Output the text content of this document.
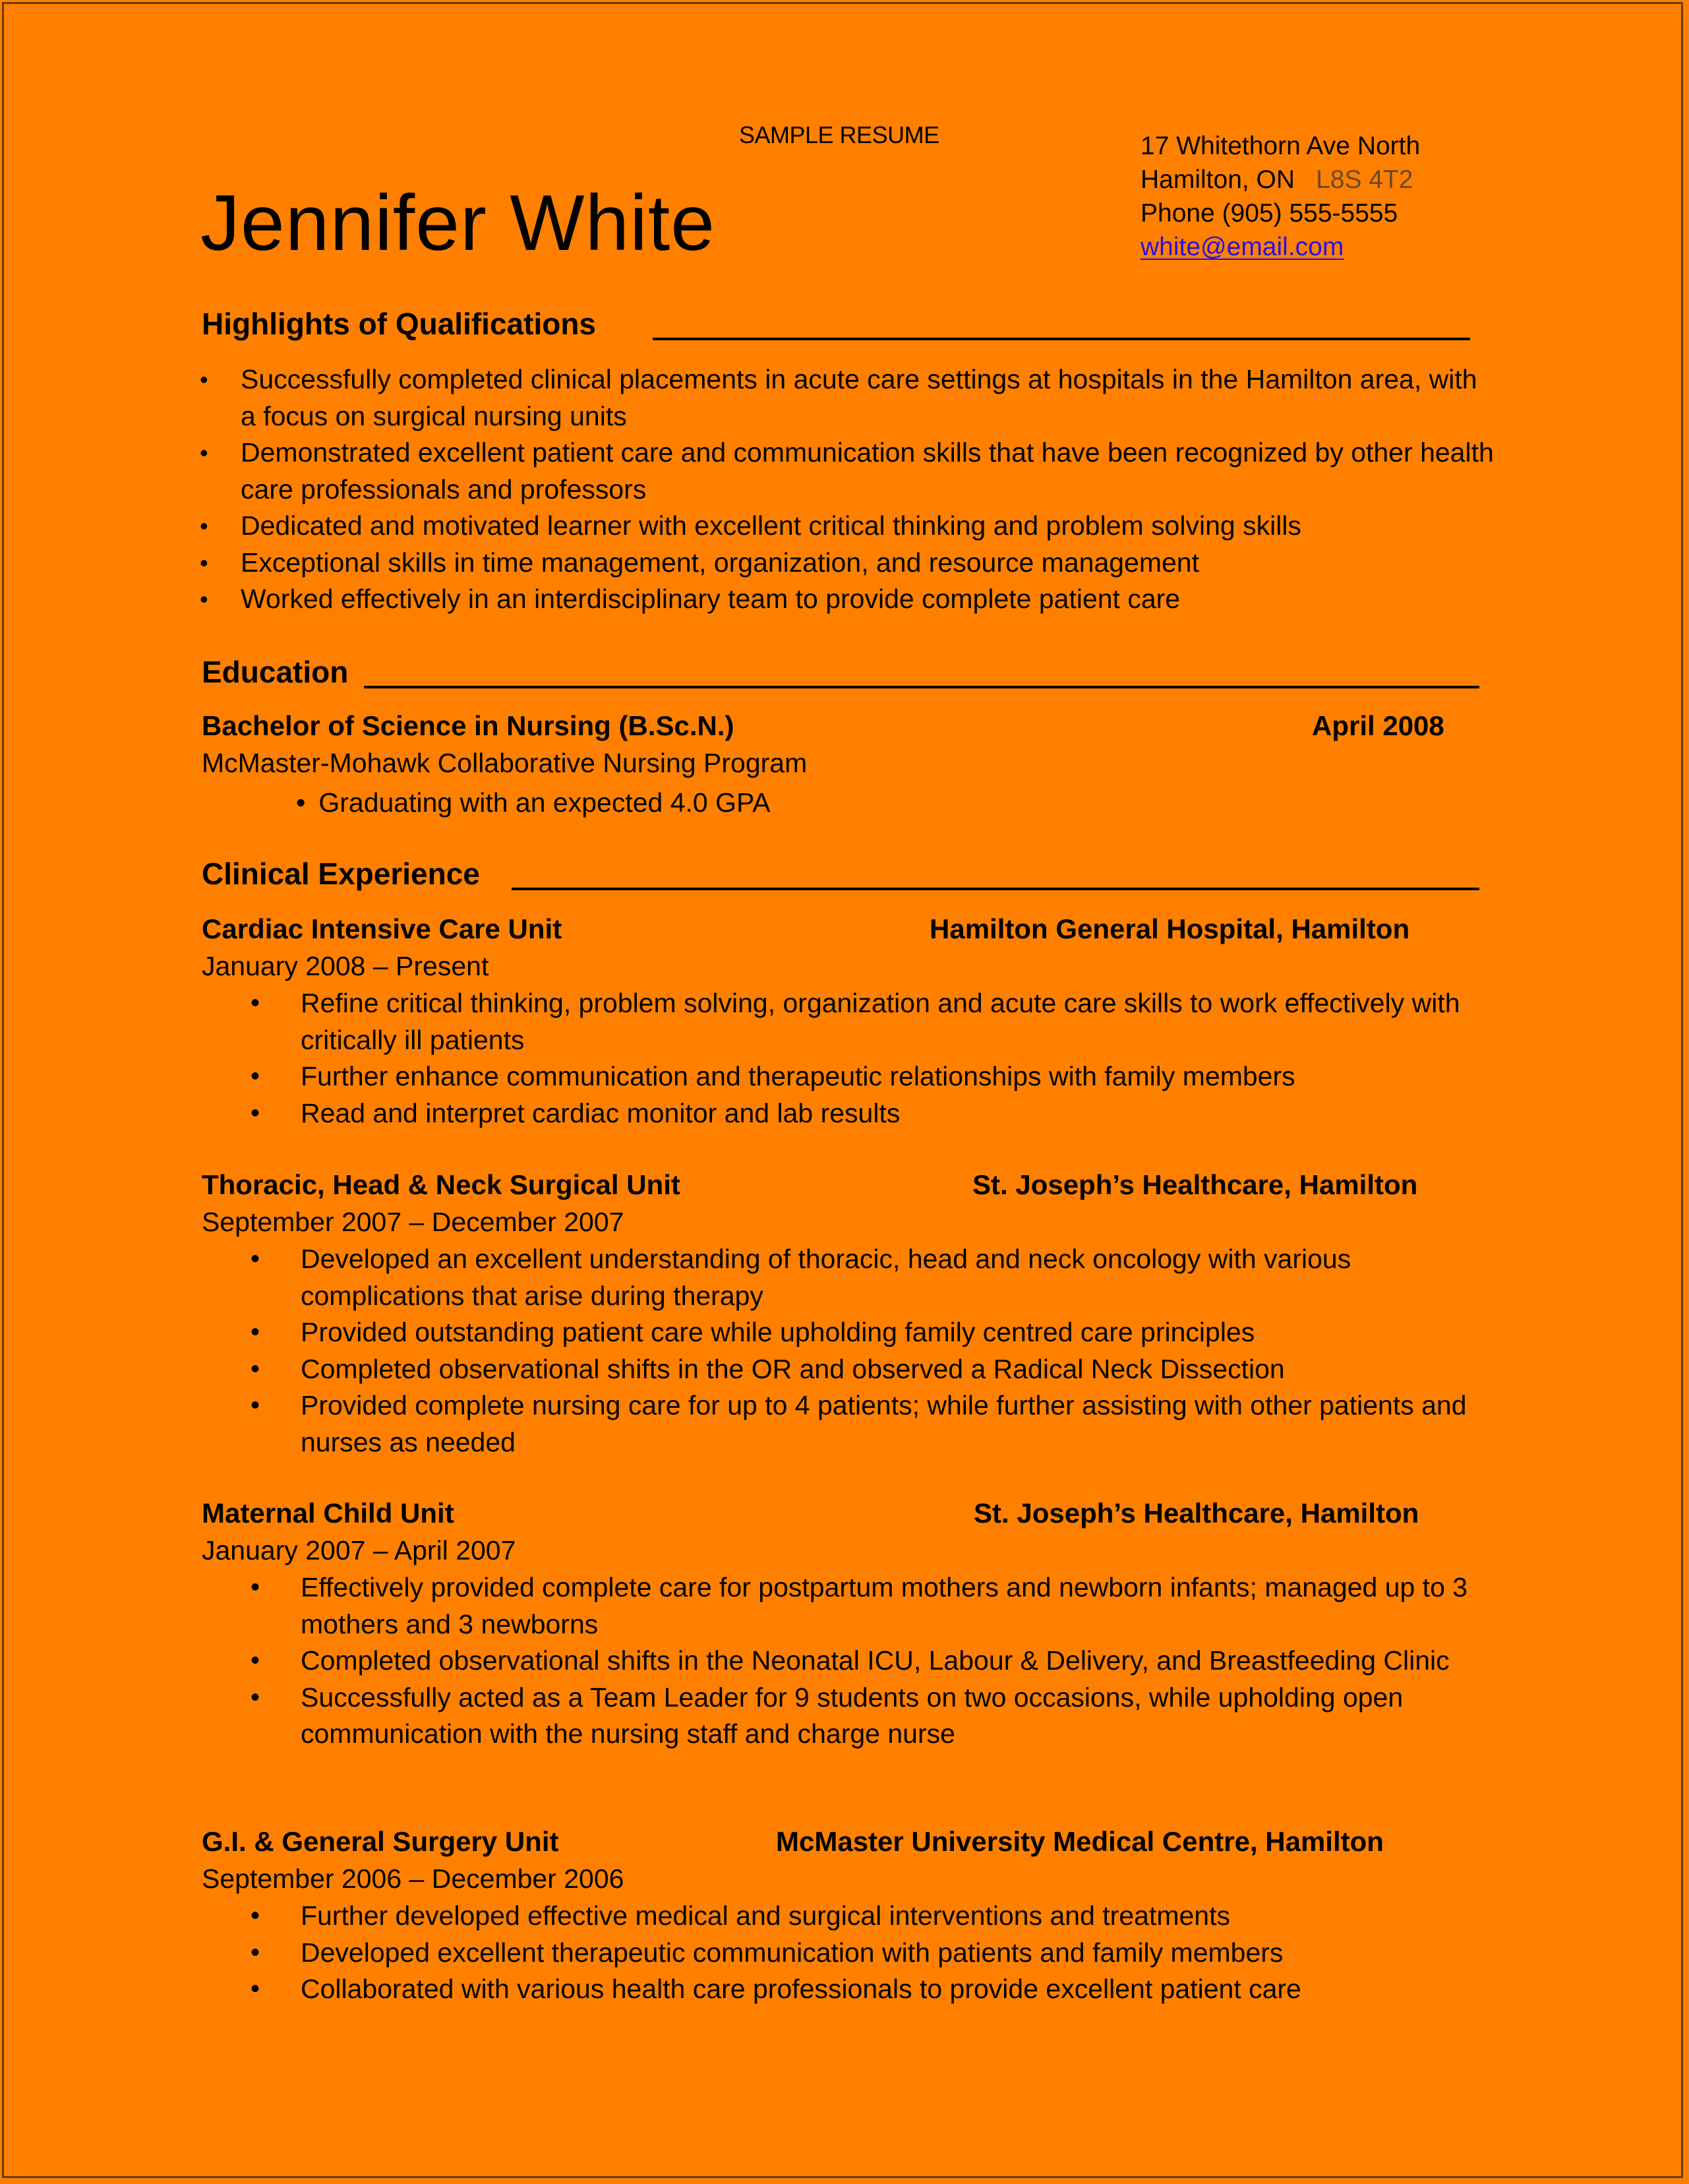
SAMPLE RESUME
Jennifer White
17 Whitethorn Ave North
Hamilton, ON L8S 4T2
Phone (905) 555-5555
white@email.com
Highlights of Qualifications
• Successfully completed clinical placements in acute care settings at hospitals in the Hamilton area, with a focus on surgical nursing units
• Demonstrated excellent patient care and communication skills that have been recognized by other health care professionals and professors
• Dedicated and motivated learner with excellent critical thinking and problem solving skills
• Exceptional skills in time management, organization, and resource management
• Worked effectively in an interdisciplinary team to provide complete patient care
Education
Bachelor of Science in Nursing (B.Sc.N.)	April 2008
McMaster-Mohawk Collaborative Nursing Program
• Graduating with an expected 4.0 GPA
Clinical Experience
Cardiac Intensive Care Unit	Hamilton General Hospital, Hamilton
January 2008 – Present
• Refine critical thinking, problem solving, organization and acute care skills to work effectively with critically ill patients
• Further enhance communication and therapeutic relationships with family members
• Read and interpret cardiac monitor and lab results
Thoracic, Head & Neck Surgical Unit	St. Joseph’s Healthcare, Hamilton
September 2007 – December 2007
• Developed an excellent understanding of thoracic, head and neck oncology with various complications that arise during therapy
• Provided outstanding patient care while upholding family centred care principles
• Completed observational shifts in the OR and observed a Radical Neck Dissection
• Provided complete nursing care for up to 4 patients; while further assisting with other patients and nurses as needed
Maternal Child Unit	St. Joseph’s Healthcare, Hamilton
January 2007 – April 2007
• Effectively provided complete care for postpartum mothers and newborn infants; managed up to 3 mothers and 3 newborns
• Completed observational shifts in the Neonatal ICU, Labour & Delivery, and Breastfeeding Clinic
• Successfully acted as a Team Leader for 9 students on two occasions, while upholding open communication with the nursing staff and charge nurse
G.I. & General Surgery Unit	McMaster University Medical Centre, Hamilton
September 2006 – December 2006
• Further developed effective medical and surgical interventions and treatments
• Developed excellent therapeutic communication with patients and family members
• Collaborated with various health care professionals to provide excellent patient care
